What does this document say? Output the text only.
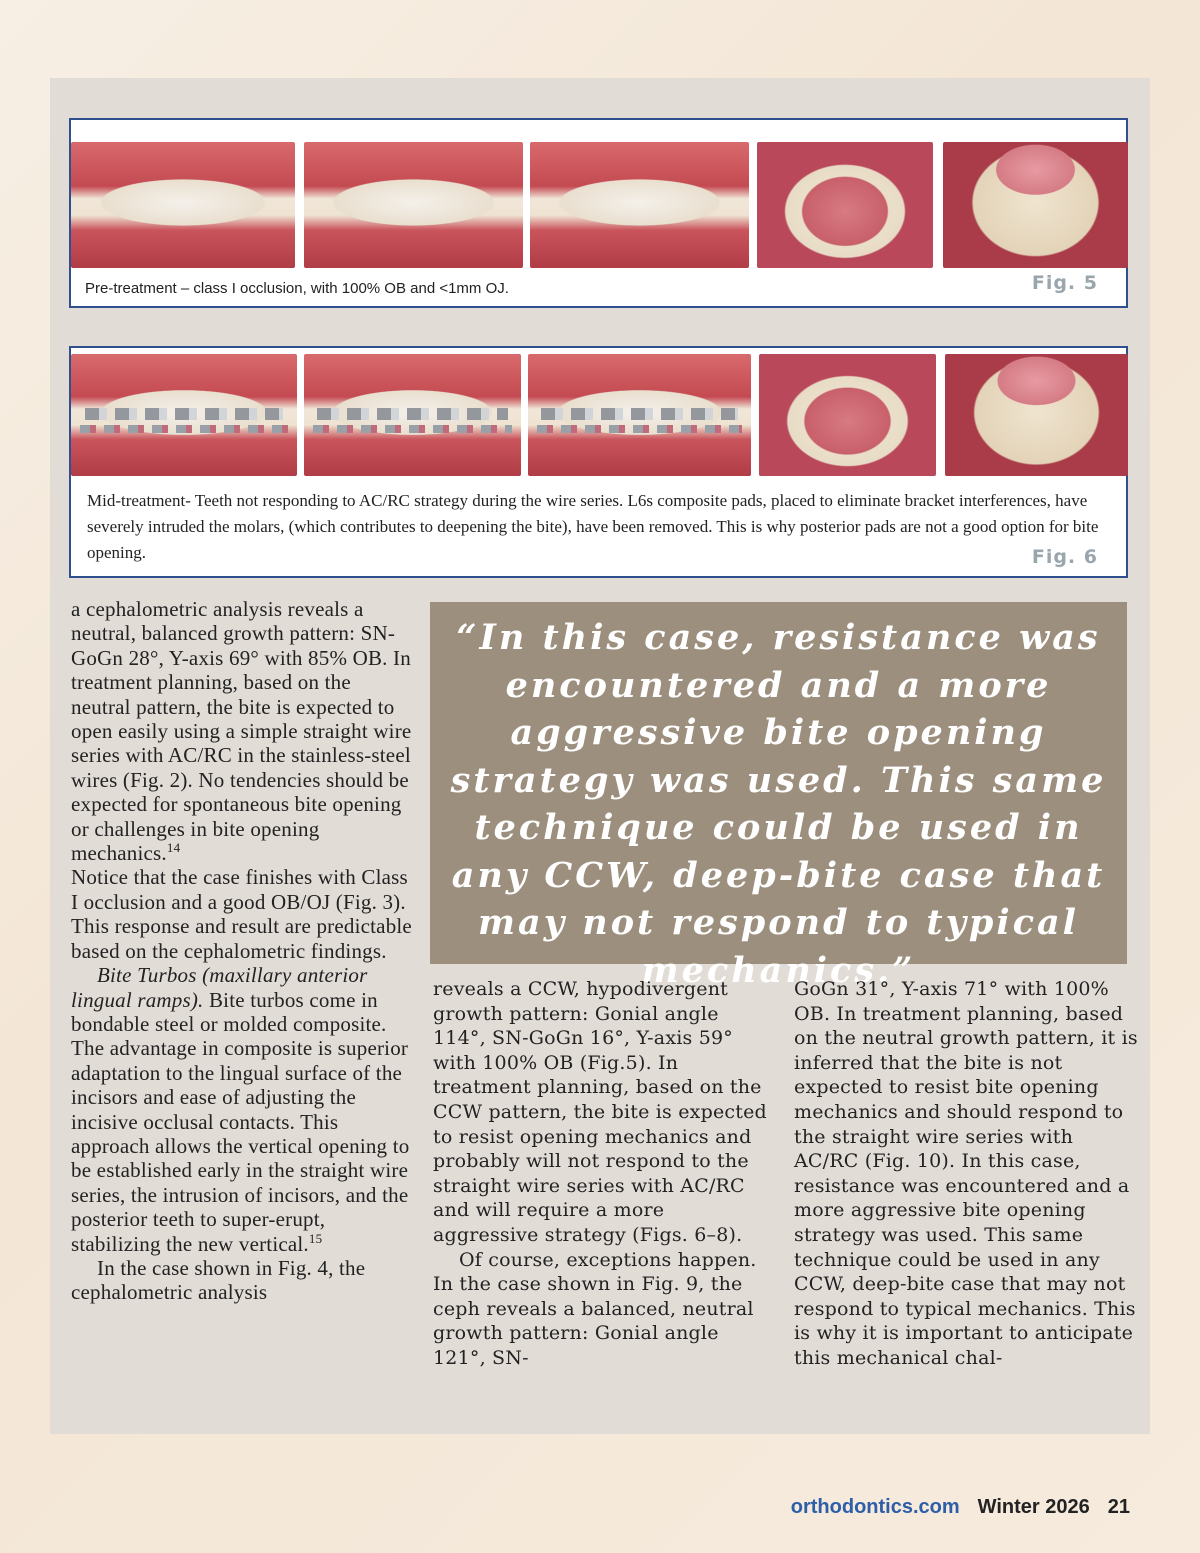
Pre-treatment – class I occlusion, with 100% OB and <1mm OJ.	Fig. 5
Mid-treatment- Teeth not responding to AC/RC strategy during the wire series. L6s composite pads, placed to eliminate bracket interferences, have severely intruded the molars, (which contributes to deepening the bite), have been removed. This is why posterior pads are not a good option for bite opening.	Fig. 6

a cephalometric analysis reveals a neutral, balanced growth pattern: SN-GoGn 28°, Y-axis 69° with 85% OB. In treatment planning, based on the neutral pattern, the bite is expected to open easily using a simple straight wire series with AC/RC in the stainless-steel wires (Fig. 2). No tendencies should be expected for spontaneous bite opening or challenges in bite opening mechanics.$^{14}$

Notice that the case finishes with Class I occlusion and a good OB/OJ (Fig. 3). This response and result are predictable based on the cephalometric findings.

Bite Turbos (maxillary anterior lingual ramps). Bite turbos come in bondable steel or molded composite. The advantage in composite is superior adaptation to the lingual surface of the incisors and ease of adjusting the incisive occlusal contacts. This approach allows the vertical opening to be established early in the straight wire series, the intrusion of incisors, and the posterior teeth to super-erupt, stabilizing the new vertical.$^{15}$

In the case shown in Fig. 4, the cephalometric analysis

“In this case, resistance was encountered and a more aggressive bite opening strategy was used. This same technique could be used in any CCW, deep-bite case that may not respond to typical mechanics.”

reveals a CCW, hypodivergent growth pattern: Gonial angle 114°, SN-GoGn 16°, Y-axis 59° with 100% OB (Fig.5). In treatment planning, based on the CCW pattern, the bite is expected to resist opening mechanics and probably will not respond to the straight wire series with AC/RC and will require a more aggressive strategy (Figs. 6–8).

Of course, exceptions happen. In the case shown in Fig. 9, the ceph reveals a balanced, neutral growth pattern: Gonial angle 121°, SN-

GoGn 31°, Y-axis 71° with 100% OB. In treatment planning, based on the neutral growth pattern, it is inferred that the bite is not expected to resist bite opening mechanics and should respond to the straight wire series with AC/RC (Fig. 10). In this case, resistance was encountered and a more aggressive bite opening strategy was used. This same technique could be used in any CCW, deep-bite case that may not respond to typical mechanics. This is why it is important to anticipate this mechanical chal-

orthodontics.com Winter 2026 21
